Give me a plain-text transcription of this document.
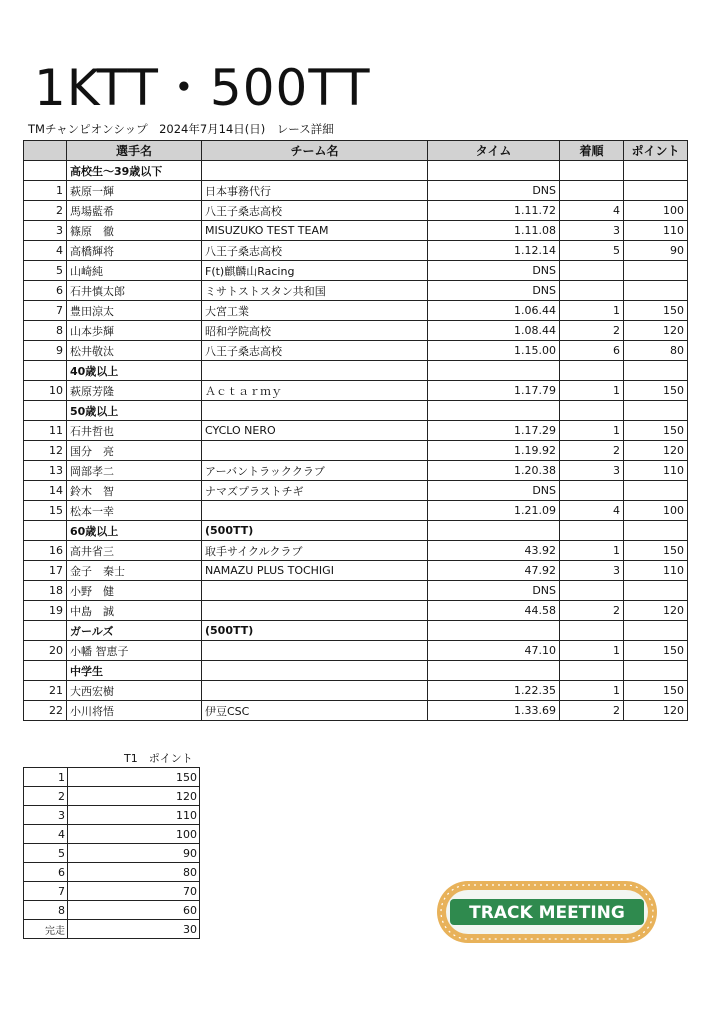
1KTT・500TT
TMチャンピオンシップ　2024年7月14日(日)　レース詳細
	選手名	チーム名	タイム	着順	ポイント
	高校生〜39歳以下				
1	萩原一輝	日本事務代行	DNS		
2	馬場藍希	八王子桑志高校	1.11.72	4	100
3	篠原　徹	MISUZUKO TEST TEAM	1.11.08	3	110
4	高橋輝将	八王子桑志高校	1.12.14	5	90
5	山崎純	F(t)麒麟山Racing	DNS		
6	石井慎太郎	ミサトストスタン共和国	DNS		
7	豊田涼太	大宮工業	1.06.44	1	150
8	山本歩輝	昭和学院高校	1.08.44	2	120
9	松井敬汰	八王子桑志高校	1.15.00	6	80
	40歳以上				
10	萩原芳隆	Ａｃｔａｒｍｙ	1.17.79	1	150
	50歳以上				
11	石井哲也	CYCLO NERO	1.17.29	1	150
12	国分　亮		1.19.92	2	120
13	岡部孝二	アーバントラッククラブ	1.20.38	3	110
14	鈴木　智	ナマズプラストチギ	DNS		
15	松本一幸		1.21.09	4	100
	60歳以上	(500TT)			
16	高井省三	取手サイクルクラブ	43.92	1	150
17	金子　秦士	NAMAZU PLUS TOCHIGI	47.92	3	110
18	小野　健		DNS		
19	中島　誠		44.58	2	120
	ガールズ	(500TT)			
20	小幡 智恵子		47.10	1	150
	中学生				
21	大西宏樹		1.22.35	1	150
22	小川将悟	伊豆CSC	1.33.69	2	120
T1　ポイント
1	150
2	120
3	110
4	100
5	90
6	80
7	70
8	60
完走	30
TRACK MEETING
